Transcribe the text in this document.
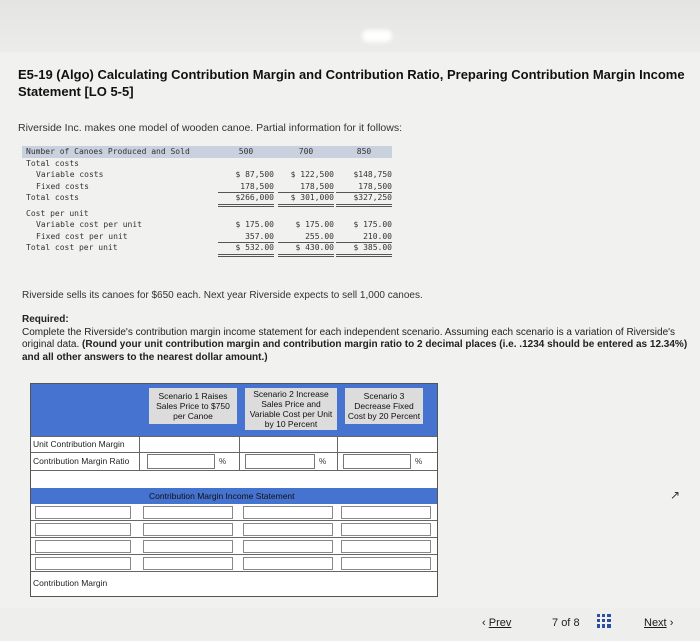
E5-19 (Algo) Calculating Contribution Margin and Contribution Ratio, Preparing Contribution Margin Income Statement [LO 5-5]
Riverside Inc. makes one model of wooden canoe. Partial information for it follows:
Number of Canoes Produced and Sold	500	700	850
Total costs
Variable costs	$ 87,500	$ 122,500	$148,750
Fixed costs	178,500	178,500	178,500
Total costs	$266,000	$ 301,000	$327,250
Cost per unit
Variable cost per unit	$ 175.00	$ 175.00	$ 175.00
Fixed cost per unit	357.00	255.00	210.00
Total cost per unit	$ 532.00	$ 430.00	$ 385.00
Riverside sells its canoes for $650 each. Next year Riverside expects to sell 1,000 canoes.
Required:
Complete the Riverside's contribution margin income statement for each independent scenario. Assuming each scenario is a variation of Riverside's original data. (Round your unit contribution margin and contribution margin ratio to 2 decimal places (i.e. .1234 should be entered as 12.34%) and all other answers to the nearest dollar amount.)
Scenario 1 Raises Sales Price to $750 per Canoe
Scenario 2 Increase Sales Price and Variable Cost per Unit by 10 Percent
Scenario 3 Decrease Fixed Cost by 20 Percent
Unit Contribution Margin
Contribution Margin Ratio	%	%	%
Contribution Margin Income Statement
Contribution Margin
↗
‹ Prev	7 of 8	Next ›
